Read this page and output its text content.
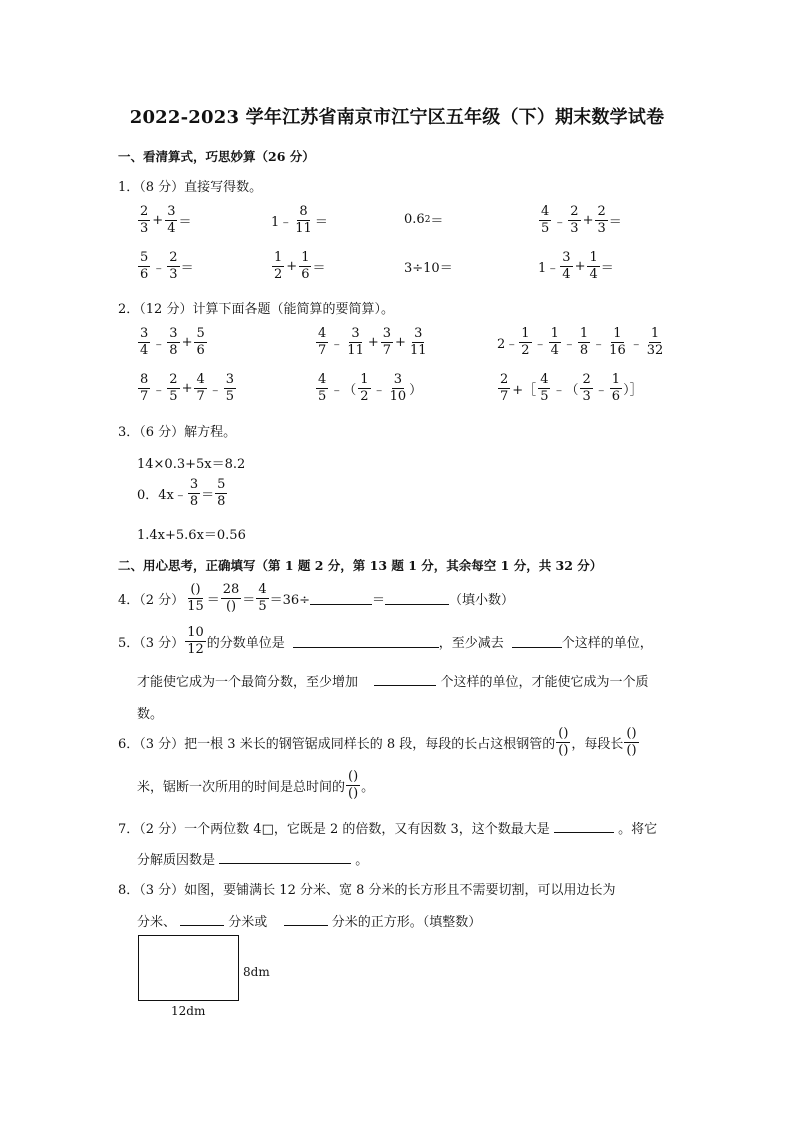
2022-2023 学年江苏省南京市江宁区五年级（下）期末数学试卷
一、看清算式，巧思妙算（26 分）
1．（8 分）直接写得数。
$\frac{2}{3} + \frac{3}{4}$ ＝	1﹣ $\frac{8}{11}$ ＝	0.6 2 ＝	$\frac{4}{5}$ ﹣ $\frac{2}{3} + \frac{2}{3}$ ＝
$\frac{5}{6}$ ﹣ $\frac{2}{3}$ ＝	$\frac{1}{2} + \frac{1}{6}$ ＝	3÷10＝	1﹣ $\frac{3}{4} + \frac{1}{4}$ ＝
2．（12 分）计算下面各题（能简算的要简算）。
$\frac{3}{4}$ ﹣ $\frac{3}{8} + \frac{5}{6}$	$\frac{4}{7}$ ﹣ $\frac{3}{11} + \frac{3}{7} + \frac{3}{11}$	2﹣ $\frac{1}{2}$ ﹣ $\frac{1}{4}$ ﹣ $\frac{1}{8}$ ﹣ $\frac{1}{16}$ ﹣ $\frac{1}{32}$
$\frac{8}{7}$ ﹣ $\frac{2}{5} + \frac{4}{7}$ ﹣ $\frac{3}{5}$	$\frac{4}{5}$ ﹣（ $\frac{1}{2}$ ﹣ $\frac{3}{10}$ ）	$\frac{2}{7}$ +［ $\frac{4}{5}$ ﹣（ $\frac{2}{3}$ ﹣ $\frac{1}{6}$ ）］
3．（6 分）解方程。
14×0.3+5x＝8.2
0．4x﹣ $\frac{3}{8} = \frac{5}{8}$
1.4x+5.6x＝0.56
二、用心思考，正确填写（第 1 题 2 分，第 13 题 1 分，其余每空 1 分，共 32 分）
4．（2 分） $\frac{()}{15} = \frac{28}{()} = \frac{4}{5} =36\div$	＝	（填小数）
5．（3 分） $\frac{10}{12}$ 的分数单位是	，至少减去	个这样的单位，
才能使它成为一个最简分数，至少增加	个这样的单位，才能使它成为一个质
数。
6．（3 分）把一根 3 米长的钢管锯成同样长的 8 段，每段的长占这根钢管的 $\frac{()}{()}$ ，每段长 $\frac{()}{()}$
米，锯断一次所用的时间是总时间的 $\frac{()}{()}$ 。
7．（2 分）一个两位数 4□，它既是 2 的倍数，又有因数 3，这个数最大是	。将它
分解质因数是	。
8．（3 分）如图，要铺满长 12 分米、宽 8 分米的长方形且不需要切割，可以用边长为
分米、	分米或	分米的正方形。（填整数）
8dm
12dm
